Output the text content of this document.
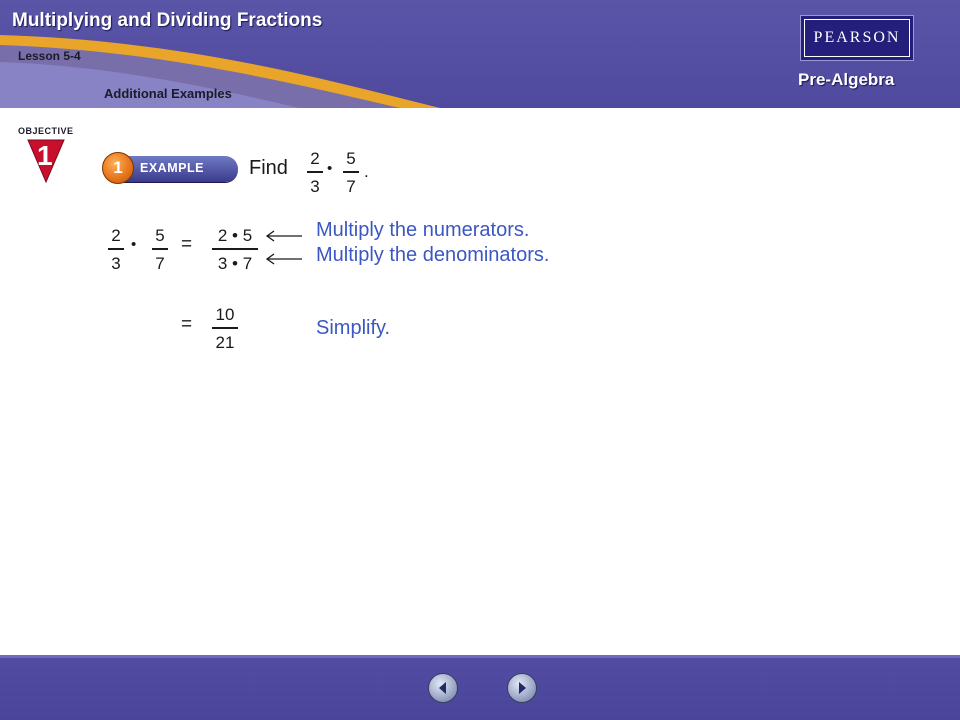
Multiplying and Dividing Fractions
Lesson 5-4
Additional Examples
PEARSON
Pre-Algebra
OBJECTIVE
1	1	EXAMPLE Find 2
3
•
5
7
.
2
3
• 5
7
= 2 • 5
3 • 7
Multiply the numerators.
Multiply the denominators.
= 10
21
Simplify.
